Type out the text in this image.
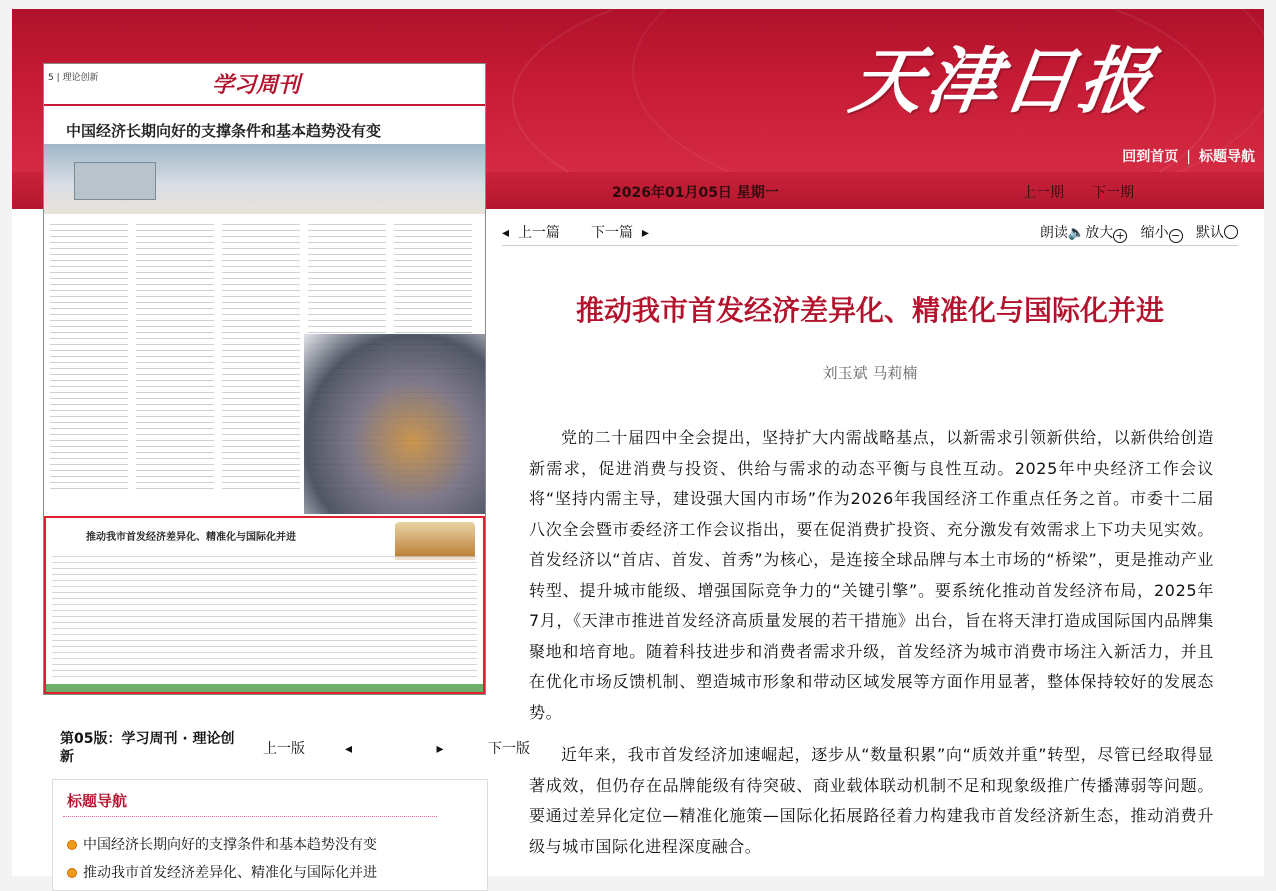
天津日报
回到首页 | 标题导航
2026年01月05日 星期一	上一期 下一期
5 | 理论创新	学习周刊
中国经济长期向好的支撑条件和基本趋势没有变
推动我市首发经济差异化、精准化与国际化并进
第05版：学习周刊 · 理论创新	上一版	◂	▸	下一版
标题导航
中国经济长期向好的支撑条件和基本趋势没有变
推动我市首发经济差异化、精准化与国际化并进
◂ 上一篇 下一篇 ▸	朗读🔈放大 + 缩小 − 默认
推动我市首发经济差异化、精准化与国际化并进
刘玉斌 马莉楠

党的二十届四中全会提出，坚持扩大内需战略基点，以新需求引领新供给，以新供给创造新需求，促进消费与投资、供给与需求的动态平衡与良性互动。2025年中央经济工作会议将“坚持内需主导，建设强大国内市场”作为2026年我国经济工作重点任务之首。市委十二届八次全会暨市委经济工作会议指出，要在促消费扩投资、充分激发有效需求上下功夫见实效。首发经济以“首店、首发、首秀”为核心，是连接全球品牌与本土市场的“桥梁”，更是推动产业转型、提升城市能级、增强国际竞争力的“关键引擎”。要系统化推动首发经济布局，2025年7月，《天津市推进首发经济高质量发展的若干措施》出台，旨在将天津打造成国际国内品牌集聚地和培育地。随着科技进步和消费者需求升级，首发经济为城市消费市场注入新活力，并且在优化市场反馈机制、塑造城市形象和带动区域发展等方面作用显著，整体保持较好的发展态势。

近年来，我市首发经济加速崛起，逐步从“数量积累”向“质效并重”转型，尽管已经取得显著成效，但仍存在品牌能级有待突破、商业载体联动机制不足和现象级推广传播薄弱等问题。要通过差异化定位—精准化施策—国际化拓展路径着力构建我市首发经济新生态，推动消费升级与城市国际化进程深度融合。
